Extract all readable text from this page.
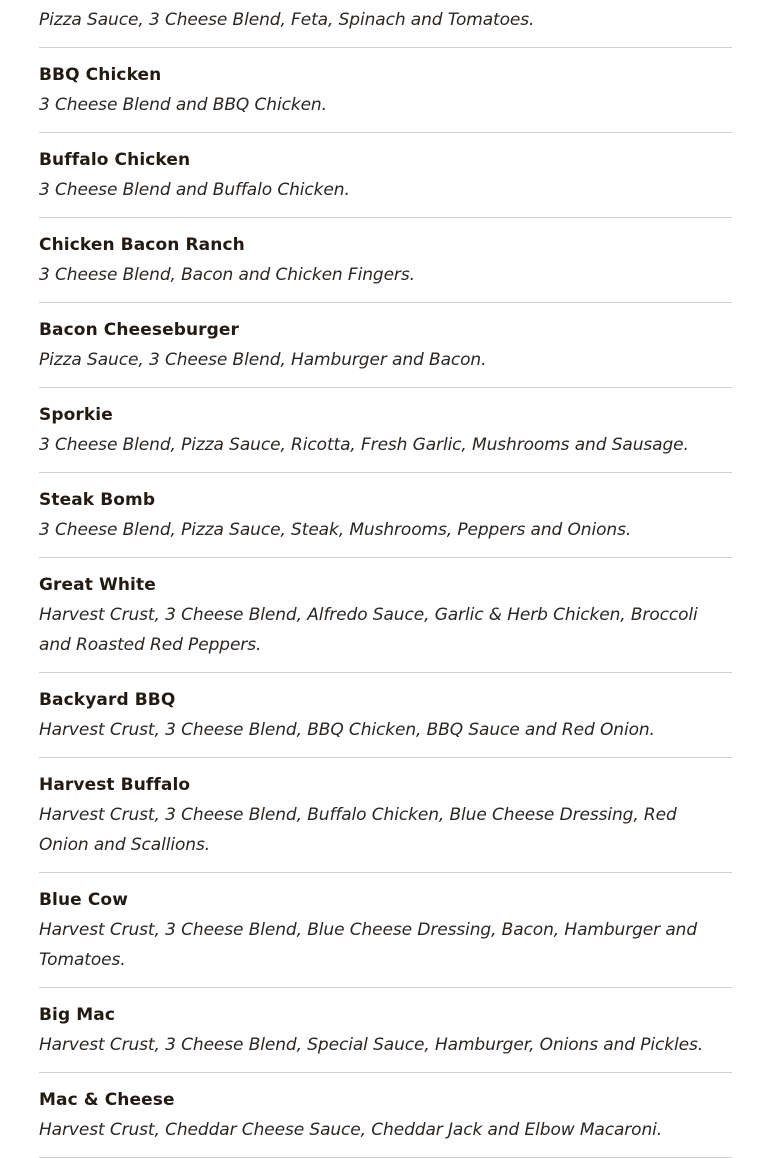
Pizza Sauce, 3 Cheese Blend, Feta, Spinach and Tomatoes.
BBQ Chicken
3 Cheese Blend and BBQ Chicken.
Buffalo Chicken
3 Cheese Blend and Buffalo Chicken.
Chicken Bacon Ranch
3 Cheese Blend, Bacon and Chicken Fingers.
Bacon Cheeseburger
Pizza Sauce, 3 Cheese Blend, Hamburger and Bacon.
Sporkie
3 Cheese Blend, Pizza Sauce, Ricotta, Fresh Garlic, Mushrooms and Sausage.
Steak Bomb
3 Cheese Blend, Pizza Sauce, Steak, Mushrooms, Peppers and Onions.
Great White
Harvest Crust, 3 Cheese Blend, Alfredo Sauce, Garlic & Herb Chicken, Broccoli and Roasted Red Peppers.
Backyard BBQ
Harvest Crust, 3 Cheese Blend, BBQ Chicken, BBQ Sauce and Red Onion.
Harvest Buffalo
Harvest Crust, 3 Cheese Blend, Buffalo Chicken, Blue Cheese Dressing, Red Onion and Scallions.
Blue Cow
Harvest Crust, 3 Cheese Blend, Blue Cheese Dressing, Bacon, Hamburger and Tomatoes.
Big Mac
Harvest Crust, 3 Cheese Blend, Special Sauce, Hamburger, Onions and Pickles.
Mac & Cheese
Harvest Crust, Cheddar Cheese Sauce, Cheddar Jack and Elbow Macaroni.
